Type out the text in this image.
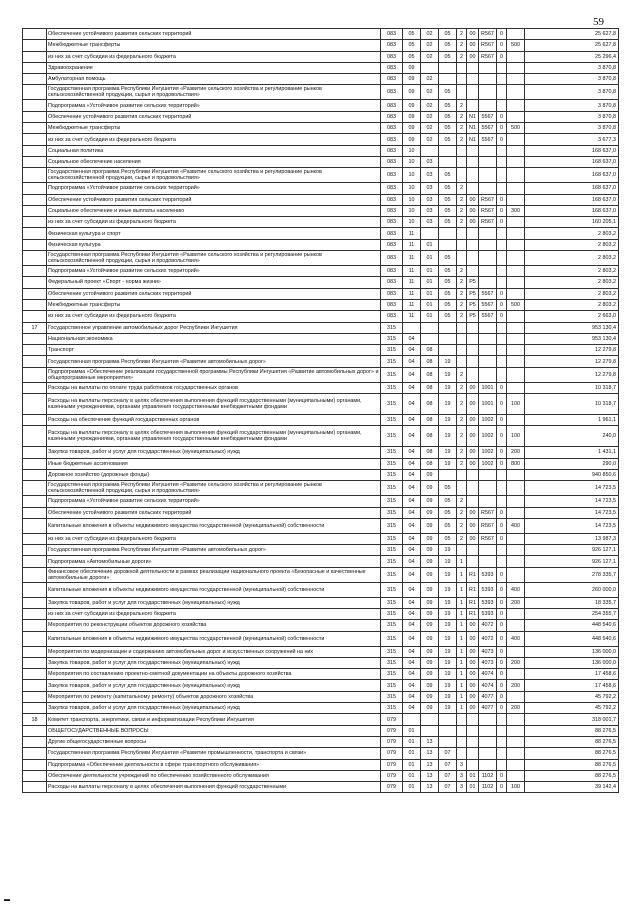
59
	Обеспечение устойчивого развития сельских территорий	083	05	02	05	2	00	R567	0		25 627,8
	Межбюджетные трансферты	083	05	02	05	2	00	R567	0	500	25 627,8
	из них за счет субсидии из федерального бюджета	083	05	02	05	2	00	R567	0		25 296,4
	Здравоохранение	083	09								3 870,8
	Амбулаторная помощь	083	09	02							3 870,8
	Государственная программа Республики Ингушетия «Развитие сельского хозяйства и регулирование рынков сельскохозяйственной продукции, сырья и продовольствия»	083	09	02	05						3 870,8
	Подпрограмма «Устойчивое развитие сельских территорий»	083	09	02	05	2					3 870,8
	Обеспечение устойчивого развития сельских территорий	083	09	02	05	2	N1	5567	0		3 870,8
	Межбюджетные трансферты	083	09	02	05	2	N1	5567	0	500	3 870,8
	из них за счет субсидии из федерального бюджета	083	09	02	05	2	N1	5567	0		3 677,3
	Социальная политика	083	10								168 637,0
	Социальное обеспечение населения	083	10	03							168 637,0
	Государственная программа Республики Ингушетия «Развитие сельского хозяйства и регулирование рынков сельскохозяйственной продукции, сырья и продовольствия»	083	10	03	05						168 637,0
	Подпрограмма «Устойчивое развитие сельских территорий»	083	10	03	05	2					168 637,0
	Обеспечение устойчивого развития сельских территорий	083	10	03	05	2	00	R567	0		168 637,0
	Социальное обеспечение и иные выплаты населению	083	10	03	05	2	00	R567	0	300	168 637,0
	из них за счет субсидии из федерального бюджета	083	10	03	05	2	00	R567	0		160 205,1
	Физическая культура и спорт	083	11								2 803,2
	Физическая культура	083	11	01							2 803,2
	Государственная программа Республики Ингушетия «Развитие сельского хозяйства и регулирование рынков сельскохозяйственной продукции, сырья и продовольствия»	083	11	01	05						2 803,2
	Подпрограмма «Устойчивое развитие сельских территорий»	083	11	01	05	2					2 803,2
	Федеральный проект «Спорт - норма жизни»	083	11	01	05	2	P5				2 803,2
	Обеспечение устойчивого развития сельских территорий	083	11	01	05	2	P5	5567	0		2 803,2
	Межбюджетные трансферты	083	11	01	05	2	P5	5567	0	500	2 803,2
	из них за счет субсидии из федерального бюджета	083	11	01	05	2	P5	5567	0		2 663,0
17	Государственное управление автомобильных дорог Республики Ингушетия	315									953 130,4
	Национальная экономика	315	04								953 130,4
	Транспорт	315	04	08							12 279,8
	Государственная программа Республики Ингушетия «Развитие автомобильных дорог»	315	04	08	19						12 279,8
	Подпрограмма «Обеспечение реализации государственной программы Республики Ингушетия «Развитие автомобильных дорог» и общепрограммные мероприятия»	315	04	08	19	2					12 279,8
	Расходы на выплаты по оплате труда работников государственных органов	315	04	08	19	2	00	1001	0		10 318,7
	Расходы на выплаты персоналу в целях обеспечения выполнения функций государственными (муниципальными) органами, казенными учреждениями, органами управления государственными внебюджетными фондами	315	04	08	19	2	00	1001	0	100	10 318,7
	Расходы на обеспечение функций государственных органов	315	04	08	19	2	00	1002	0		1 961,1
	Расходы на выплаты персоналу в целях обеспечения выполнения функций государственными (муниципальными) органами, казенными учреждениями, органами управления государственными внебюджетными фондами	315	04	08	19	2	00	1002	0	100	240,0
	Закупка товаров, работ и услуг для государственных (муниципальных) нужд	315	04	08	19	2	00	1002	0	200	1 431,1
	Иные бюджетные ассигнования	315	04	08	19	2	00	1002	0	800	290,0
	Дорожное хозяйство (дорожные фонды)	315	04	09							940 850,6
	Государственная программа Республики Ингушетия «Развитие сельского хозяйства и регулирование рынков сельскохозяйственной продукции, сырья и продовольствия»	315	04	09	05						14 723,5
	Подпрограмма «Устойчивое развитие сельских территорий»	315	04	09	05	2					14 723,5
	Обеспечение устойчивого развития сельских территорий	315	04	09	05	2	00	R567	0		14 723,5
	Капитальные вложения в объекты недвижимого имущества государственной (муниципальной) собственности	315	04	09	05	2	00	R567	0	400	14 723,5
	из них за счет субсидии из федерального бюджета	315	04	09	05	2	00	R567	0		13 987,3
	Государственная программа Республики Ингушетия «Развитие автомобильных дорог»	315	04	09	19						926 127,1
	Подпрограмма «Автомобильные дороги»	315	04	09	19	1					926 127,1
	Финансовое обеспечение дорожной деятельности в рамках реализации национального проекта «Безопасные и качественные автомобильные дороги»	315	04	09	19	1	R1	5393	0		278 335,7
	Капитальные вложения в объекты недвижимого имущества государственной (муниципальной) собственности	315	04	09	19	1	R1	5393	0	400	260 000,0
	Закупка товаров, работ и услуг для государственных (муниципальных) нужд	315	04	09	19	1	R1	5393	0	200	18 335,7
	из них за счет субсидии из федерального бюджета	315	04	09	19	1	R1	5393	0		254 355,7
	Мероприятия по реконструкции объектов дорожного хозяйства	315	04	09	19	1	00	4072	0		448 540,6
	Капитальные вложения в объекты недвижимого имущества государственной (муниципальной) собственности	315	04	09	19	1	00	4072	0	400	448 540,6
	Мероприятия по модернизации и содержанию автомобильных дорог и искусственных сооружений на них	315	04	09	19	1	00	4073	0		136 000,0
	Закупка товаров, работ и услуг для государственных (муниципальных) нужд	315	04	09	19	1	00	4073	0	200	136 000,0
	Мероприятия по составлению проектно-сметной документации на объекты дорожного хозяйства	315	04	09	19	1	00	4074	0		17 458,6
	Закупка товаров, работ и услуг для государственных (муниципальных) нужд	315	04	09	19	1	00	4074	0	200	17 458,6
	Мероприятия по ремонту (капитальному ремонту) объектов дорожного хозяйства	315	04	09	19	1	00	4077	0		45 792,2
	Закупка товаров, работ и услуг для государственных (муниципальных) нужд	315	04	09	19	1	00	4077	0	200	45 792,2
18	Комитет транспорта, энергетики, связи и информатизации Республики Ингушетия	079									318 001,7
	ОБЩЕГОСУДАРСТВЕННЫЕ ВОПРОСЫ	079	01								88 276,5
	Другие общегосударственные вопросы	079	01	13							88 276,5
	Государственная программа Республики Ингушетия «Развитие промышленности, транспорта и связи»	079	01	13	07						88 276,5
	Подпрограмма «Обеспечение деятельности в сфере транспортного обслуживания»	079	01	13	07	3					88 276,5
	Обеспечение деятельности учреждений по обеспечению хозяйственного обслуживания	079	01	13	07	3	01	1102	0		88 276,5
	Расходы на выплаты персоналу в целях обеспечения выполнения функций государственными	079	01	13	07	3	01	1102	0	100	39 142,4
▬
